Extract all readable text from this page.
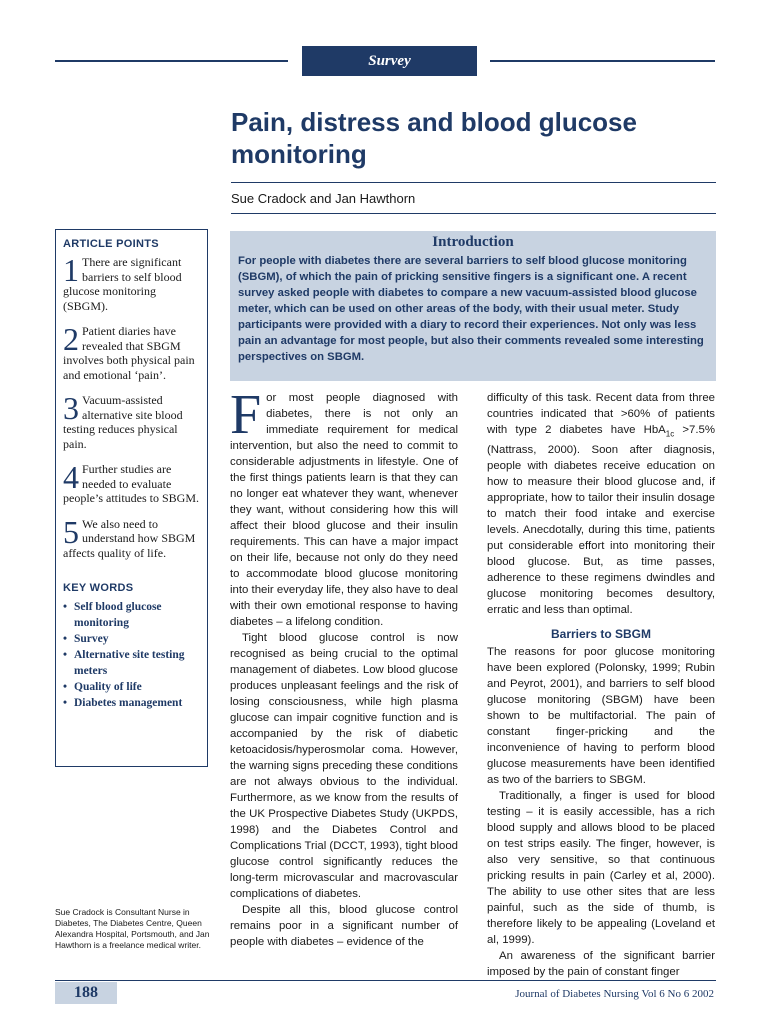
Survey
Pain, distress and blood glucose monitoring
Sue Cradock and Jan Hawthorn
ARTICLE POINTS
1 There are significant barriers to self blood glucose monitoring (SBGM).
2 Patient diaries have revealed that SBGM involves both physical pain and emotional ‘pain’.
3 Vacuum-assisted alternative site blood testing reduces physical pain.
4 Further studies are needed to evaluate people’s attitudes to SBGM.
5 We also need to understand how SBGM affects quality of life.
KEY WORDS
• Self blood glucose monitoring
• Survey
• Alternative site testing meters
• Quality of life
• Diabetes management
Sue Cradock is Consultant Nurse in Diabetes, The Diabetes Centre, Queen Alexandra Hospital, Portsmouth, and Jan Hawthorn is a freelance medical writer.
Introduction

For people with diabetes there are several barriers to self blood glucose monitoring (SBGM), of which the pain of pricking sensitive fingers is a significant one. A recent survey asked people with diabetes to compare a new vacuum-assisted blood glucose meter, which can be used on other areas of the body, with their usual meter. Study participants were provided with a diary to record their experiences. Not only was less pain an advantage for most people, but also their comments revealed some interesting perspectives on SBGM.

For most people diagnosed with diabetes, there is not only an immediate requirement for medical intervention, but also the need to commit to considerable adjustments in lifestyle. One of the first things patients learn is that they can no longer eat whatever they want, whenever they want, without considering how this will affect their blood glucose and their insulin requirements. This can have a major impact on their life, because not only do they need to accommodate blood glucose monitoring into their everyday life, they also have to deal with their own emotional response to having diabetes – a lifelong condition.

Tight blood glucose control is now recognised as being crucial to the optimal management of diabetes. Low blood glucose produces unpleasant feelings and the risk of losing consciousness, while high plasma glucose can impair cognitive function and is accompanied by the risk of diabetic ketoacidosis/hyperosmolar coma. However, the warning signs preceding these conditions are not always obvious to the individual. Furthermore, as we know from the results of the UK Prospective Diabetes Study (UKPDS, 1998) and the Diabetes Control and Complications Trial (DCCT, 1993), tight blood glucose control significantly reduces the long-term microvascular and macrovascular complications of diabetes.

Despite all this, blood glucose control remains poor in a significant number of people with diabetes – evidence of the

difficulty of this task. Recent data from three countries indicated that >60% of patients with type 2 diabetes have HbA$_{1c}$ >7.5% (Nattrass, 2000). Soon after diagnosis, people with diabetes receive education on how to measure their blood glucose and, if appropriate, how to tailor their insulin dosage to match their food intake and exercise levels. Anecdotally, during this time, patients put considerable effort into monitoring their blood glucose. But, as time passes, adherence to these regimens dwindles and glucose monitoring becomes desultory, erratic and less than optimal.

Barriers to SBGM

The reasons for poor glucose monitoring have been explored (Polonsky, 1999; Rubin and Peyrot, 2001), and barriers to self blood glucose monitoring (SBGM) have been shown to be multifactorial. The pain of constant finger-pricking and the inconvenience of having to perform blood glucose measurements have been identified as two of the barriers to SBGM.

Traditionally, a finger is used for blood testing – it is easily accessible, has a rich blood supply and allows blood to be placed on test strips easily. The finger, however, is also very sensitive, so that continuous pricking results in pain (Carley et al, 2000). The ability to use other sites that are less painful, such as the side of thumb, is therefore likely to be appealing (Loveland et al, 1999).

An awareness of the significant barrier imposed by the pain of constant finger

188	Journal of Diabetes Nursing Vol 6 No 6 2002
